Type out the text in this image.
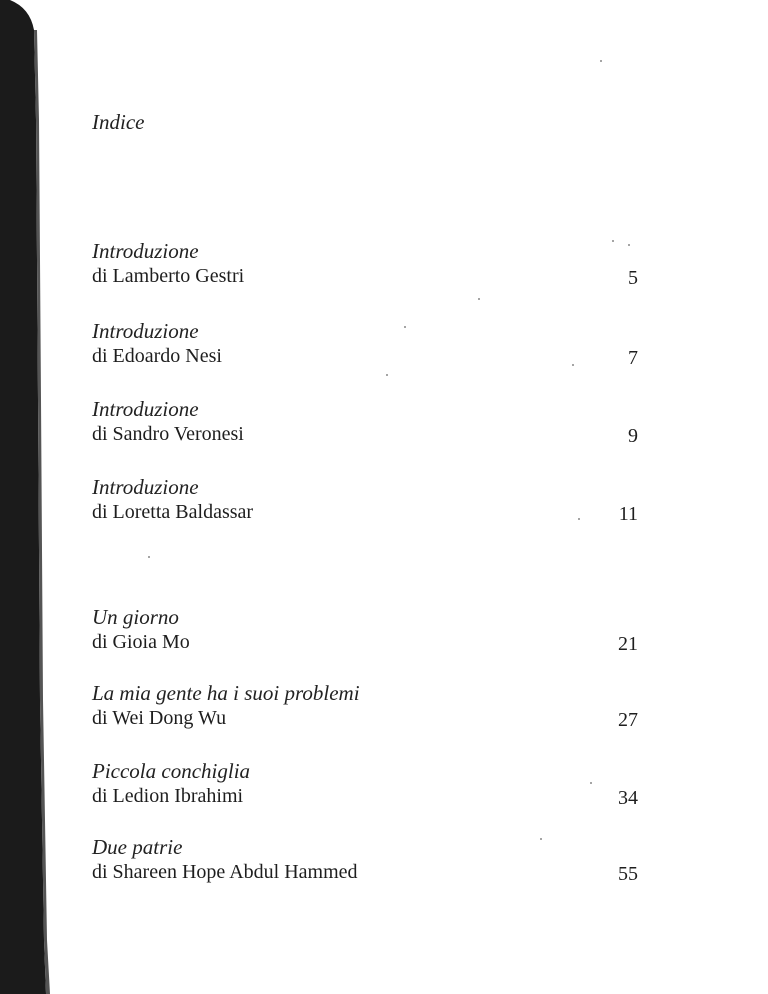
Indice
Introduzione
di Lamberto Gestri	5
Introduzione
di Edoardo Nesi	7
Introduzione
di Sandro Veronesi	9
Introduzione
di Loretta Baldassar	11
Un giorno
di Gioia Mo	21
La mia gente ha i suoi problemi
di Wei Dong Wu	27
Piccola conchiglia
di Ledion Ibrahimi	34
Due patrie
di Shareen Hope Abdul Hammed	55
